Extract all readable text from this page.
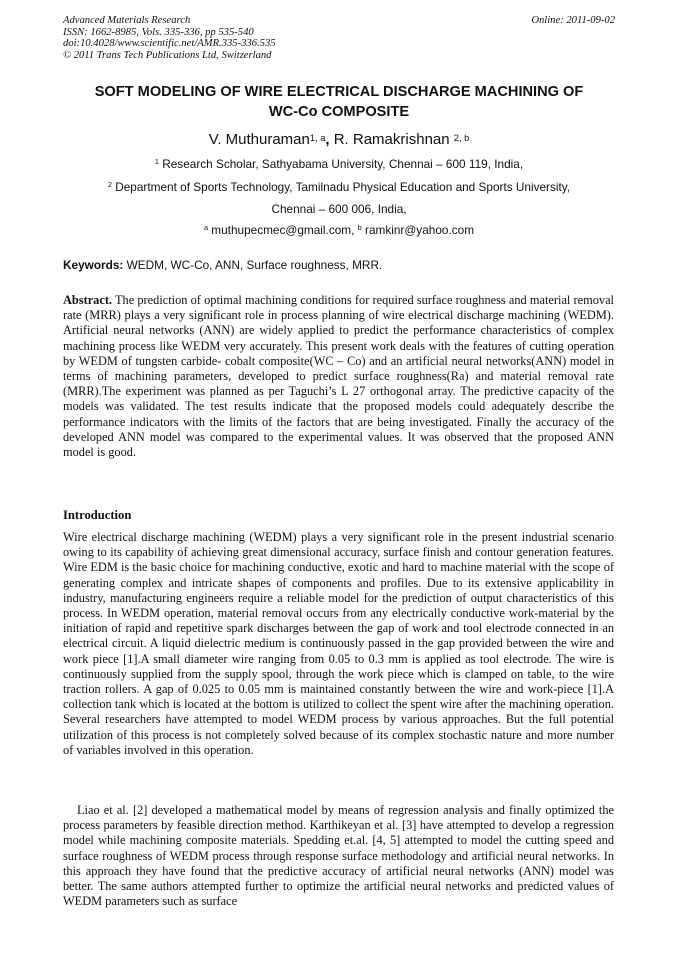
Advanced Materials Research
ISSN: 1662-8985, Vols. 335-336, pp 535-540
doi:10.4028/www.scientific.net/AMR.335-336.535
© 2011 Trans Tech Publications Ltd, Switzerland
Online: 2011-09-02
SOFT MODELING OF WIRE ELECTRICAL DISCHARGE MACHINING OF
WC-Co COMPOSITE
V. Muthuraman$^{1, a}$, R. Ramakrishnan $^{2, b}$
$^1$ Research Scholar, Sathyabama University, Chennai – 600 119, India,
$^2$ Department of Sports Technology, Tamilnadu Physical Education and Sports University,
Chennai – 600 006, India,
$^a$ muthupecmec@gmail.com, $^b$ ramkinr@yahoo.com
Keywords: WEDM, WC-Co, ANN, Surface roughness, MRR.

Abstract. The prediction of optimal machining conditions for required surface roughness and material removal rate (MRR) plays a very significant role in process planning of wire electrical discharge machining (WEDM). Artificial neural networks (ANN) are widely applied to predict the performance characteristics of complex machining process like WEDM very accurately. This present work deals with the features of cutting operation by WEDM of tungsten carbide- cobalt composite(WC – Co) and an artificial neural networks(ANN) model in terms of machining parameters, developed to predict surface roughness(Ra) and material removal rate (MRR).The experiment was planned as per Taguchi’s L 27 orthogonal array. The predictive capacity of the models was validated. The test results indicate that the proposed models could adequately describe the performance indicators with the limits of the factors that are being investigated. Finally the accuracy of the developed ANN model was compared to the experimental values. It was observed that the proposed ANN model is good.

Introduction

Wire electrical discharge machining (WEDM) plays a very significant role in the present industrial scenario owing to its capability of achieving great dimensional accuracy, surface finish and contour generation features. Wire EDM is the basic choice for machining conductive, exotic and hard to machine material with the scope of generating complex and intricate shapes of components and profiles. Due to its extensive applicability in industry, manufacturing engineers require a reliable model for the prediction of output characteristics of this process. In WEDM operation, material removal occurs from any electrically conductive work-material by the initiation of rapid and repetitive spark discharges between the gap of work and tool electrode connected in an electrical circuit. A liquid dielectric medium is continuously passed in the gap provided between the wire and work piece [1].A small diameter wire ranging from 0.05 to 0.3 mm is applied as tool electrode. The wire is continuously supplied from the supply spool, through the work piece which is clamped on table, to the wire traction rollers. A gap of 0.025 to 0.05 mm is maintained constantly between the wire and work-piece [1].A collection tank which is located at the bottom is utilized to collect the spent wire after the machining operation. Several researchers have attempted to model WEDM process by various approaches. But the full potential utilization of this process is not completely solved because of its complex stochastic nature and more number of variables involved in this operation.

Liao et al. [2] developed a mathematical model by means of regression analysis and finally optimized the process parameters by feasible direction method. Karthikeyan et al. [3] have attempted to develop a regression model while machining composite materials. Spedding et.al. [4, 5] attempted to model the cutting speed and surface roughness of WEDM process through response surface methodology and artificial neural networks. In this approach they have found that the predictive accuracy of artificial neural networks (ANN) model was better. The same authors attempted further to optimize the artificial neural networks and predicted values of WEDM parameters such as surface
